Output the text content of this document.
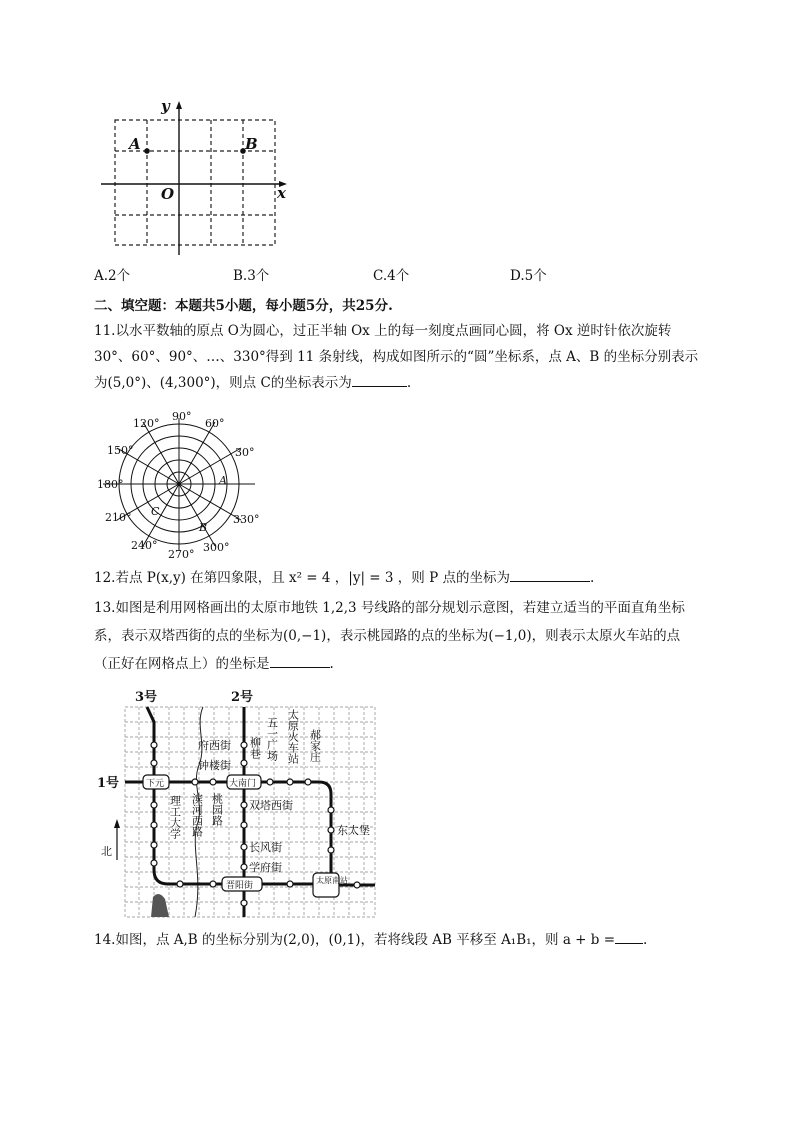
y
x
O
A	B
A.2个	B.3个	C.4个	D.5个
二、填空题：本题共5小题，每小题5分，共25分.
11.以水平数轴的原点 O为圆心，过正半轴 Ox 上的每一刻度点画同心圆，将 Ox 逆时针依次旋转
30°、60°、90°、…、330°得到 11 条射线，构成如图所示的“圆”坐标系，点 A、B 的坐标分别表示
为(5,0°)、(4,300°)，则点 C的坐标表示为	.
90°
60°
120°
150°	30°
180°
210°	330°
240°
270°
300°
A
B
C
12.若点 P(x,y) 在第四象限，且 x² = 4 ，|y| = 3 ，则 P 点的坐标为	.
13.如图是利用网格画出的太原市地铁 1,2,3 号线路的部分规划示意图，若建立适当的平面直角坐标
系，表示双塔西街的点的坐标为(0,−1)，表示桃园路的点的坐标为(−1,0)，则表示太原火车站的点
（正好在网格点上）的坐标是	.
3号	2号
1号
北
府西街
钟楼街
下元	大南门
双塔西街
长风街
学府街
晋阳街
东太堡
柳巷 五一广场 太原火车站 郝家庄
理工大学 滨河西路 桃园路
太原南站
14.如图，点 A,B 的坐标分别为(2,0)，(0,1)，若将线段 AB 平移至 A₁B₁，则 a + b = .
